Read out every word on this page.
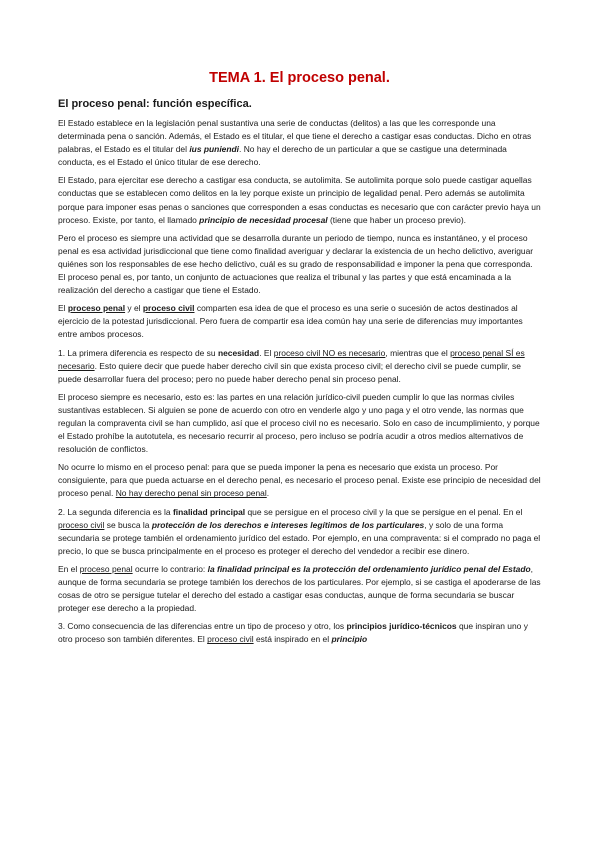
TEMA 1. El proceso penal.
El proceso penal: función específica.
El Estado establece en la legislación penal sustantiva una serie de conductas (delitos) a las que les corresponde una determinada pena o sanción. Además, el Estado es el titular, el que tiene el derecho a castigar esas conductas. Dicho en otras palabras, el Estado es el titular del ius puniendi. No hay el derecho de un particular a que se castigue una determinada conducta, es el Estado el único titular de ese derecho.
El Estado, para ejercitar ese derecho a castigar esa conducta, se autolimita. Se autolimita porque solo puede castigar aquellas conductas que se establecen como delitos en la ley porque existe un principio de legalidad penal. Pero además se autolimita porque para imponer esas penas o sanciones que corresponden a esas conductas es necesario que con carácter previo haya un proceso. Existe, por tanto, el llamado principio de necesidad procesal (tiene que haber un proceso previo).
Pero el proceso es siempre una actividad que se desarrolla durante un periodo de tiempo, nunca es instantáneo, y el proceso penal es esa actividad jurisdiccional que tiene como finalidad averiguar y declarar la existencia de un hecho delictivo, averiguar quiénes son los responsables de ese hecho delictivo, cuál es su grado de responsabilidad e imponer la pena que corresponda. El proceso penal es, por tanto, un conjunto de actuaciones que realiza el tribunal y las partes y que está encaminada a la realización del derecho a castigar que tiene el Estado.
El proceso penal y el proceso civil comparten esa idea de que el proceso es una serie o sucesión de actos destinados al ejercicio de la potestad jurisdiccional. Pero fuera de compartir esa idea común hay una serie de diferencias muy importantes entre ambos procesos.
1. La primera diferencia es respecto de su necesidad. El proceso civil NO es necesario, mientras que el proceso penal SÍ es necesario. Esto quiere decir que puede haber derecho civil sin que exista proceso civil; el derecho civil se puede cumplir, se puede desarrollar fuera del proceso; pero no puede haber derecho penal sin proceso penal.
El proceso siempre es necesario, esto es: las partes en una relación jurídico-civil pueden cumplir lo que las normas civiles sustantivas establecen. Si alguien se pone de acuerdo con otro en venderle algo y uno paga y el otro vende, las normas que regulan la compraventa civil se han cumplido, así que el proceso civil no es necesario. Solo en caso de incumplimiento, y porque el Estado prohíbe la autotutela, es necesario recurrir al proceso, pero incluso se podría acudir a otros medios alternativos de resolución de conflictos.
No ocurre lo mismo en el proceso penal: para que se pueda imponer la pena es necesario que exista un proceso. Por consiguiente, para que pueda actuarse en el derecho penal, es necesario el proceso penal. Existe ese principio de necesidad del proceso penal. No hay derecho penal sin proceso penal.
2. La segunda diferencia es la finalidad principal que se persigue en el proceso civil y la que se persigue en el penal. En el proceso civil se busca la protección de los derechos e intereses legítimos de los particulares, y solo de una forma secundaria se protege también el ordenamiento jurídico del estado. Por ejemplo, en una compraventa: si el comprado no paga el precio, lo que se busca principalmente en el proceso es proteger el derecho del vendedor a recibir ese dinero.
En el proceso penal ocurre lo contrario: la finalidad principal es la protección del ordenamiento jurídico penal del Estado, aunque de forma secundaria se protege también los derechos de los particulares. Por ejemplo, si se castiga el apoderarse de las cosas de otro se persigue tutelar el derecho del estado a castigar esas conductas, aunque de forma secundaria se buscar proteger ese derecho a la propiedad.
3. Como consecuencia de las diferencias entre un tipo de proceso y otro, los principios jurídico-técnicos que inspiran uno y otro proceso son también diferentes. El proceso civil está inspirado en el principio
